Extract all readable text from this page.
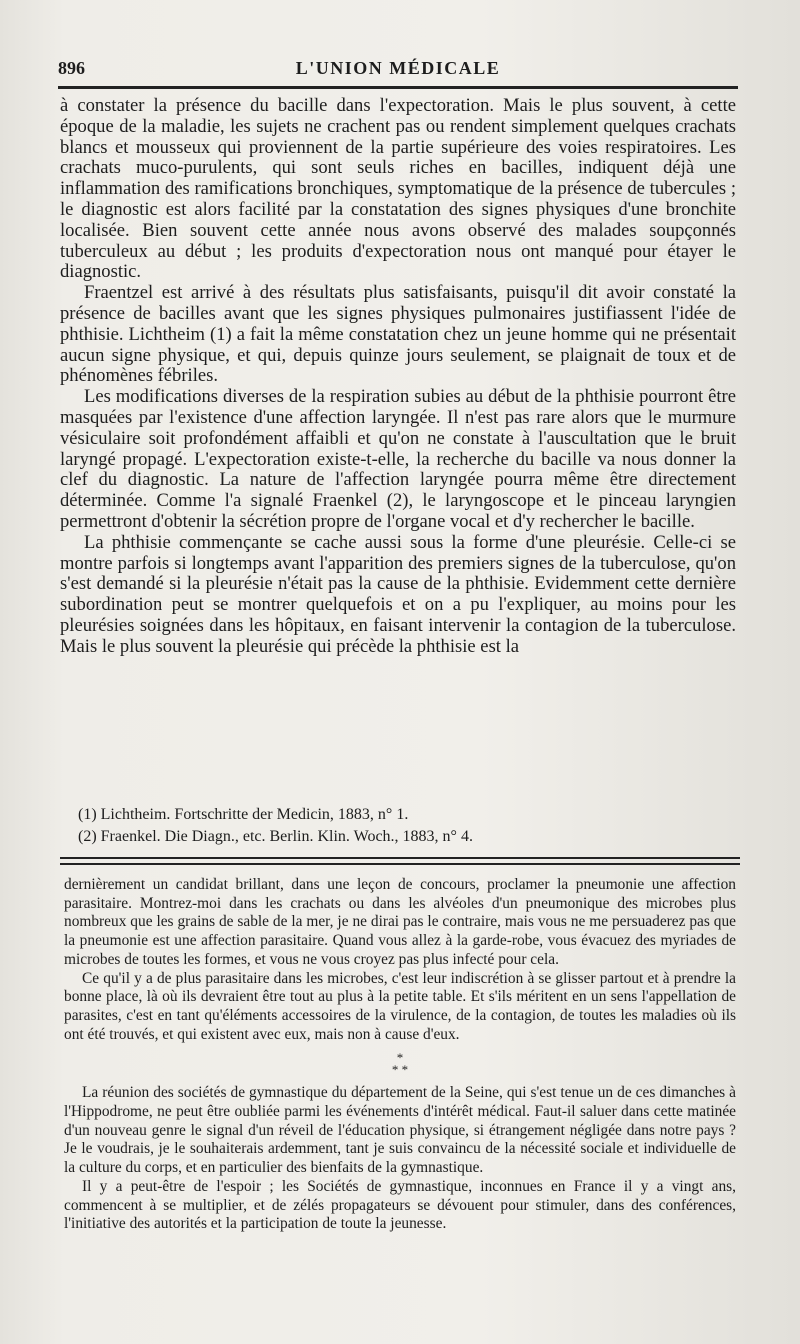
896	L'UNION MÉDICALE

à constater la présence du bacille dans l'expectoration. Mais le plus souvent, à cette époque de la maladie, les sujets ne crachent pas ou rendent simplement quelques crachats blancs et mousseux qui proviennent de la partie supérieure des voies respiratoires. Les crachats muco-purulents, qui sont seuls riches en bacilles, indiquent déjà une inflammation des ramifications bronchiques, symptomatique de la présence de tubercules ; le diagnostic est alors facilité par la constatation des signes physiques d'une bronchite localisée. Bien souvent cette année nous avons observé des malades soupçonnés tuberculeux au début ; les produits d'expectoration nous ont manqué pour étayer le diagnostic.

Fraentzel est arrivé à des résultats plus satisfaisants, puisqu'il dit avoir constaté la présence de bacilles avant que les signes physiques pulmonaires justifiassent l'idée de phthisie. Lichtheim (1) a fait la même constatation chez un jeune homme qui ne présentait aucun signe physique, et qui, depuis quinze jours seulement, se plaignait de toux et de phénomènes fébriles.

Les modifications diverses de la respiration subies au début de la phthisie pourront être masquées par l'existence d'une affection laryngée. Il n'est pas rare alors que le murmure vésiculaire soit profondément affaibli et qu'on ne constate à l'auscultation que le bruit laryngé propagé. L'expectoration existe-t-elle, la recherche du bacille va nous donner la clef du diagnostic. La nature de l'affection laryngée pourra même être directement déterminée. Comme l'a signalé Fraenkel (2), le laryngoscope et le pinceau laryngien permettront d'obtenir la sécrétion propre de l'organe vocal et d'y rechercher le bacille.

La phthisie commençante se cache aussi sous la forme d'une pleurésie. Celle-ci se montre parfois si longtemps avant l'apparition des premiers signes de la tuberculose, qu'on s'est demandé si la pleurésie n'était pas la cause de la phthisie. Evidemment cette dernière subordination peut se montrer quelquefois et on a pu l'expliquer, au moins pour les pleurésies soignées dans les hôpitaux, en faisant intervenir la contagion de la tuberculose. Mais le plus souvent la pleurésie qui précède la phthisie est la

(1) Lichtheim. Fortschritte der Medicin, 1883, n° 1.

(2) Fraenkel. Die Diagn., etc. Berlin. Klin. Woch., 1883, n° 4.

dernièrement un candidat brillant, dans une leçon de concours, proclamer la pneumonie une affection parasitaire. Montrez-moi dans les crachats ou dans les alvéoles d'un pneumonique des microbes plus nombreux que les grains de sable de la mer, je ne dirai pas le contraire, mais vous ne me persuaderez pas que la pneumonie est une affection parasitaire. Quand vous allez à la garde-robe, vous évacuez des myriades de microbes de toutes les formes, et vous ne vous croyez pas plus infecté pour cela.

Ce qu'il y a de plus parasitaire dans les microbes, c'est leur indiscrétion à se glisser partout et à prendre la bonne place, là où ils devraient être tout au plus à la petite table. Et s'ils méritent en un sens l'appellation de parasites, c'est en tant qu'éléments accessoires de la virulence, de la contagion, de toutes les maladies où ils ont été trouvés, et qui existent avec eux, mais non à cause d'eux.

*
* *

La réunion des sociétés de gymnastique du département de la Seine, qui s'est tenue un de ces dimanches à l'Hippodrome, ne peut être oubliée parmi les événements d'intérêt médical. Faut-il saluer dans cette matinée d'un nouveau genre le signal d'un réveil de l'éducation physique, si étrangement négligée dans notre pays ? Je le voudrais, je le souhaiterais ardemment, tant je suis convaincu de la nécessité sociale et individuelle de la culture du corps, et en particulier des bienfaits de la gymnastique.

Il y a peut-être de l'espoir ; les Sociétés de gymnastique, inconnues en France il y a vingt ans, commencent à se multiplier, et de zélés propagateurs se dévouent pour stimuler, dans des conférences, l'initiative des autorités et la participation de toute la jeunesse.
